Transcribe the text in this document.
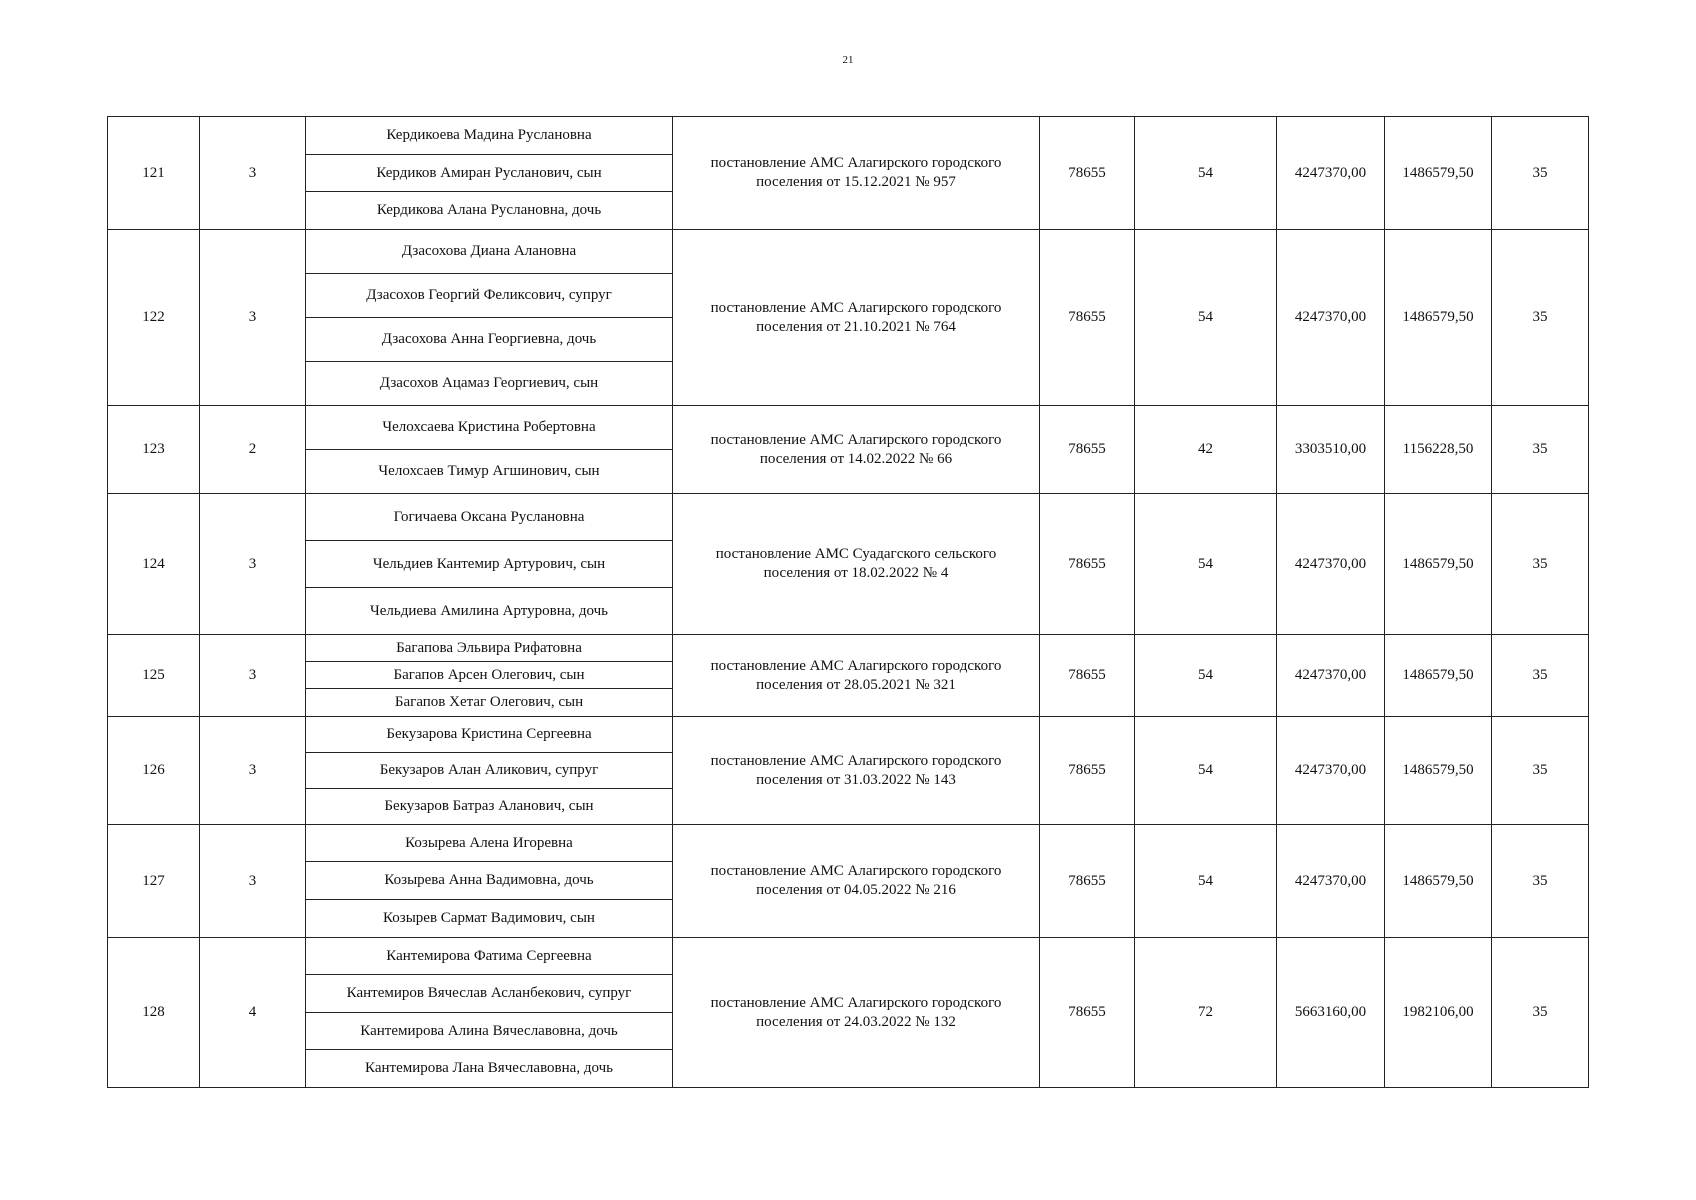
21
121	3	Кердикоева Мадина Руслановна	постановление АМС Алагирского городского поселения от 15.12.2021 № 957	78655	54	4247370,00	1486579,50	35
		Кердиков Амиран Русланович, сын						
		Кердикова Алана Руслановна, дочь						
122	3	Дзасохова Диана Алановна	постановление АМС Алагирского городского поселения от 21.10.2021 № 764	78655	54	4247370,00	1486579,50	35
		Дзасохов Георгий Феликсович, супруг						
		Дзасохова Анна Георгиевна, дочь						
		Дзасохов Ацамаз Георгиевич, сын						
123	2	Челохсаева Кристина Робертовна	постановление АМС Алагирского городского поселения от 14.02.2022 № 66	78655	42	3303510,00	1156228,50	35
		Челохсаев Тимур Агшинович, сын						
124	3	Гогичаева Оксана Руслановна	постановление АМС Суадагского сельского поселения от 18.02.2022 № 4	78655	54	4247370,00	1486579,50	35
		Чельдиев Кантемир Артурович, сын						
		Чельдиева Амилина Артуровна, дочь						
125	3	Багапова Эльвира Рифатовна	постановление АМС Алагирского городского поселения от 28.05.2021 № 321	78655	54	4247370,00	1486579,50	35
		Багапов Арсен Олегович, сын						
		Багапов Хетаг Олегович, сын						
126	3	Бекузарова Кристина Сергеевна	постановление АМС Алагирского городского поселения от 31.03.2022 № 143	78655	54	4247370,00	1486579,50	35
		Бекузаров Алан Аликович, супруг						
		Бекузаров Батраз Аланович, сын						
127	3	Козырева Алена Игоревна	постановление АМС Алагирского городского поселения от 04.05.2022 № 216	78655	54	4247370,00	1486579,50	35
		Козырева Анна Вадимовна, дочь						
		Козырев Сармат Вадимович, сын						
128	4	Кантемирова Фатима Сергеевна	постановление АМС Алагирского городского поселения от 24.03.2022 № 132	78655	72	5663160,00	1982106,00	35
		Кантемиров Вячеслав Асланбекович, супруг						
		Кантемирова Алина Вячеславовна, дочь						
		Кантемирова Лана Вячеславовна, дочь						
